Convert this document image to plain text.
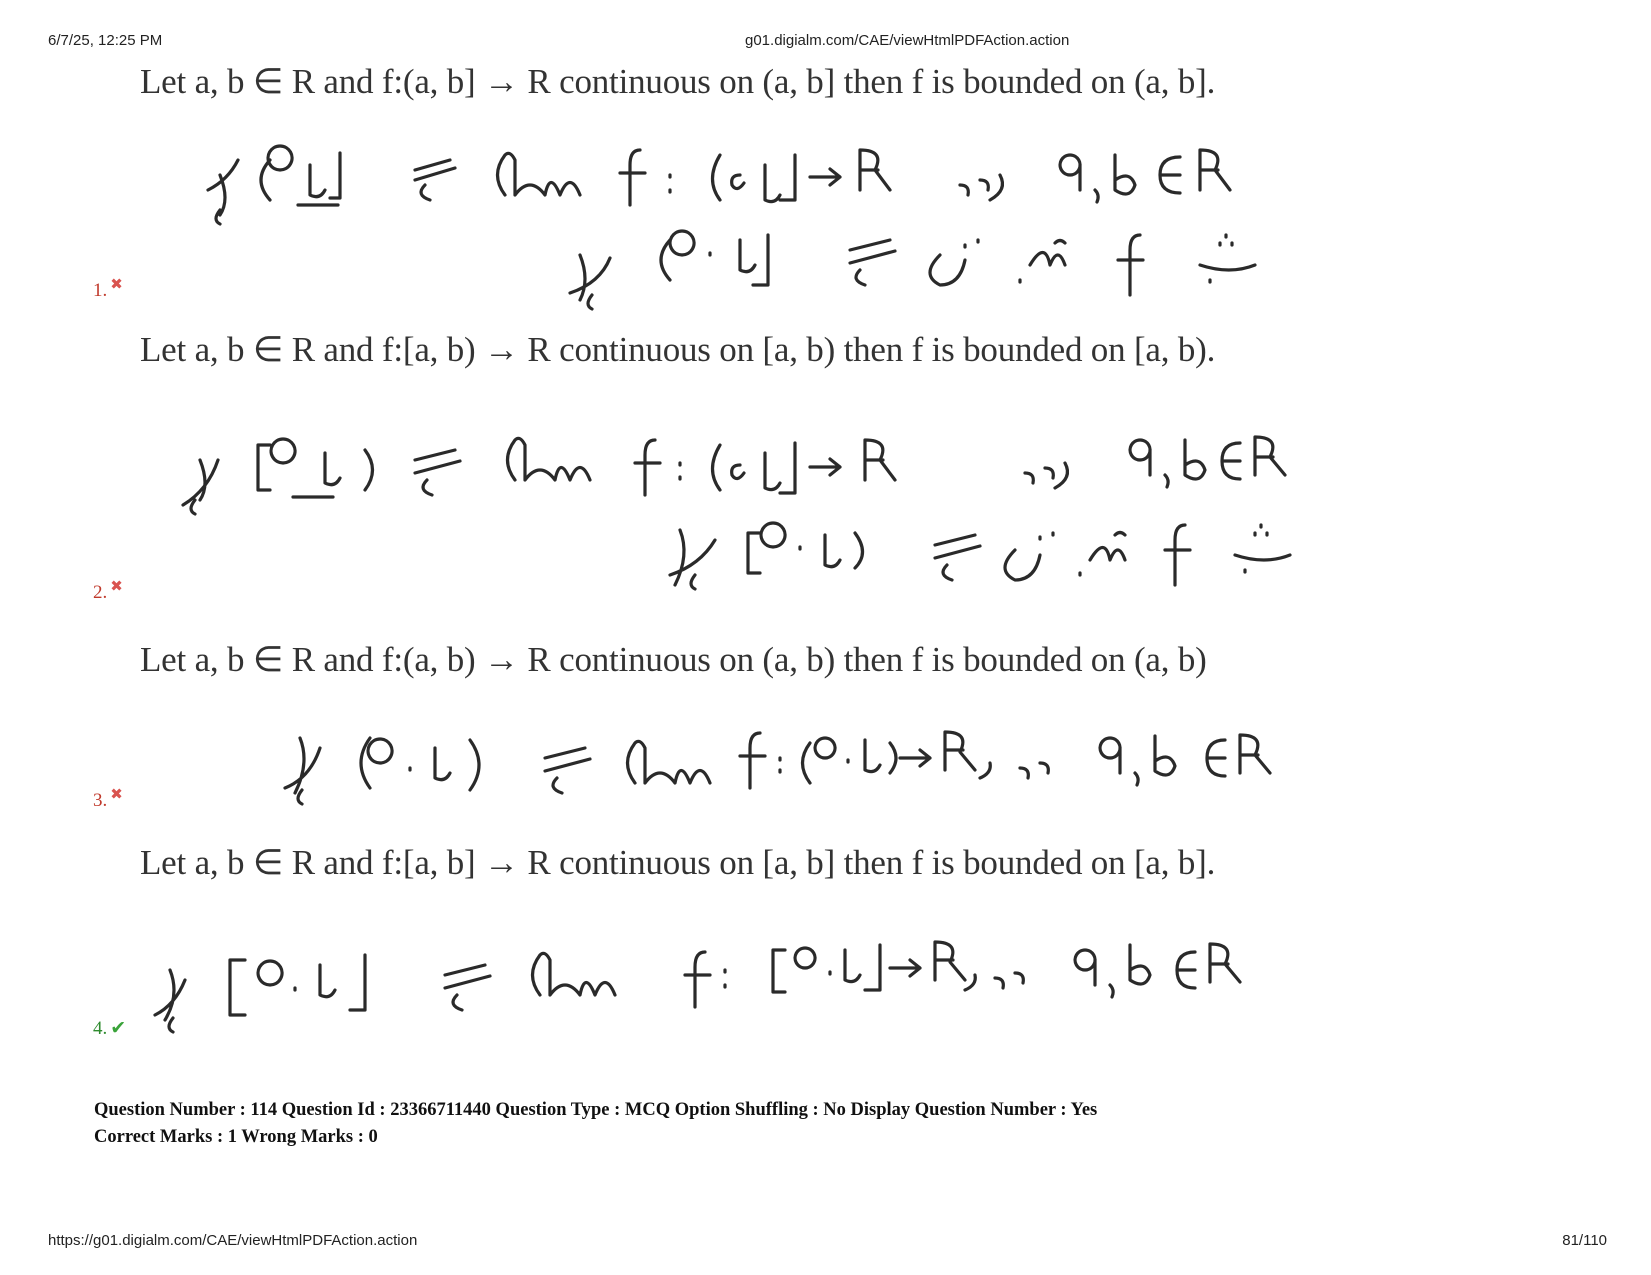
6/7/25, 12:25 PM	g01.digialm.com/CAE/viewHtmlPDFAction.action
Let a, b ∈ R and f:(a, b] → R continuous on (a, b] then f is bounded on (a, b].
1. ✖
Let a, b ∈ R and f:[a, b) → R continuous on [a, b) then f is bounded on [a, b).
2. ✖
Let a, b ∈ R and f:(a, b) → R continuous on (a, b) then f is bounded on (a, b)
3. ✖
Let a, b ∈ R and f:[a, b] → R continuous on [a, b] then f is bounded on [a, b].
4. ✔
Question Number : 114 Question Id : 23366711440 Question Type : MCQ Option Shuffling : No Display Question Number : Yes
Correct Marks : 1 Wrong Marks : 0
https://g01.digialm.com/CAE/viewHtmlPDFAction.action	81/110
